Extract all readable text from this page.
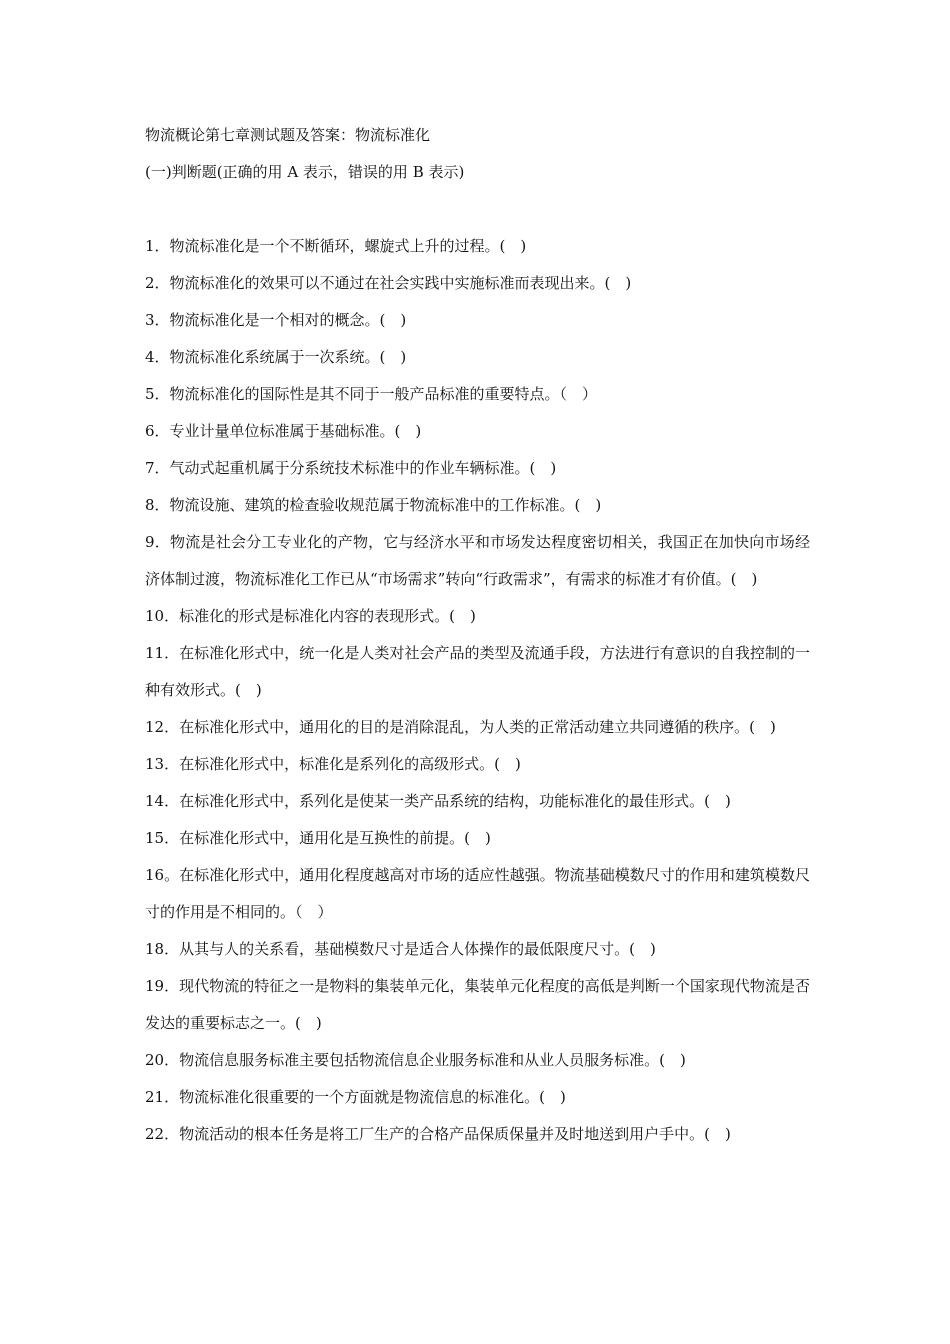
物流概论第七章测试题及答案：物流标准化
(一)判断题(正确的用 A 表示，错误的用 B 表示)
1．物流标准化是一个不断循环，螺旋式上升的过程。(　)
2．物流标准化的效果可以不通过在社会实践中实施标准而表现出来。(　)
3．物流标准化是一个相对的概念。(　)
4．物流标准化系统属于一次系统。(　)
5．物流标准化的国际性是其不同于一般产品标准的重要特点。（　）
6．专业计量单位标准属于基础标准。(　)
7．气动式起重机属于分系统技术标准中的作业车辆标准。(　)
8．物流设施、建筑的检查验收规范属于物流标准中的工作标准。(　)
9．物流是社会分工专业化的产物，它与经济水平和市场发达程度密切相关，我国正在加快向市场经济体制过渡，物流标准化工作已从“市场需求”转向“行政需求”，有需求的标准才有价值。(　)
10．标准化的形式是标准化内容的表现形式。(　)
11．在标准化形式中，统一化是人类对社会产品的类型及流通手段，方法进行有意识的自我控制的一种有效形式。(　)
12．在标准化形式中，通用化的目的是消除混乱，为人类的正常活动建立共同遵循的秩序。(　)
13．在标准化形式中，标准化是系列化的高级形式。(　)
14．在标准化形式中，系列化是使某一类产品系统的结构，功能标准化的最佳形式。(　)
15．在标准化形式中，通用化是互换性的前提。(　)
16。在标准化形式中，通用化程度越高对市场的适应性越强。物流基础模数尺寸的作用和建筑模数尺寸的作用是不相同的。（　）
18．从其与人的关系看，基础模数尺寸是适合人体操作的最低限度尺寸。(　)
19．现代物流的特征之一是物料的集装单元化，集装单元化程度的高低是判断一个国家现代物流是否发达的重要标志之一。(　)
20．物流信息服务标准主要包括物流信息企业服务标准和从业人员服务标准。(　)
21．物流标准化很重要的一个方面就是物流信息的标准化。(　)
22．物流活动的根本任务是将工厂生产的合格产品保质保量并及时地送到用户手中。(　)
